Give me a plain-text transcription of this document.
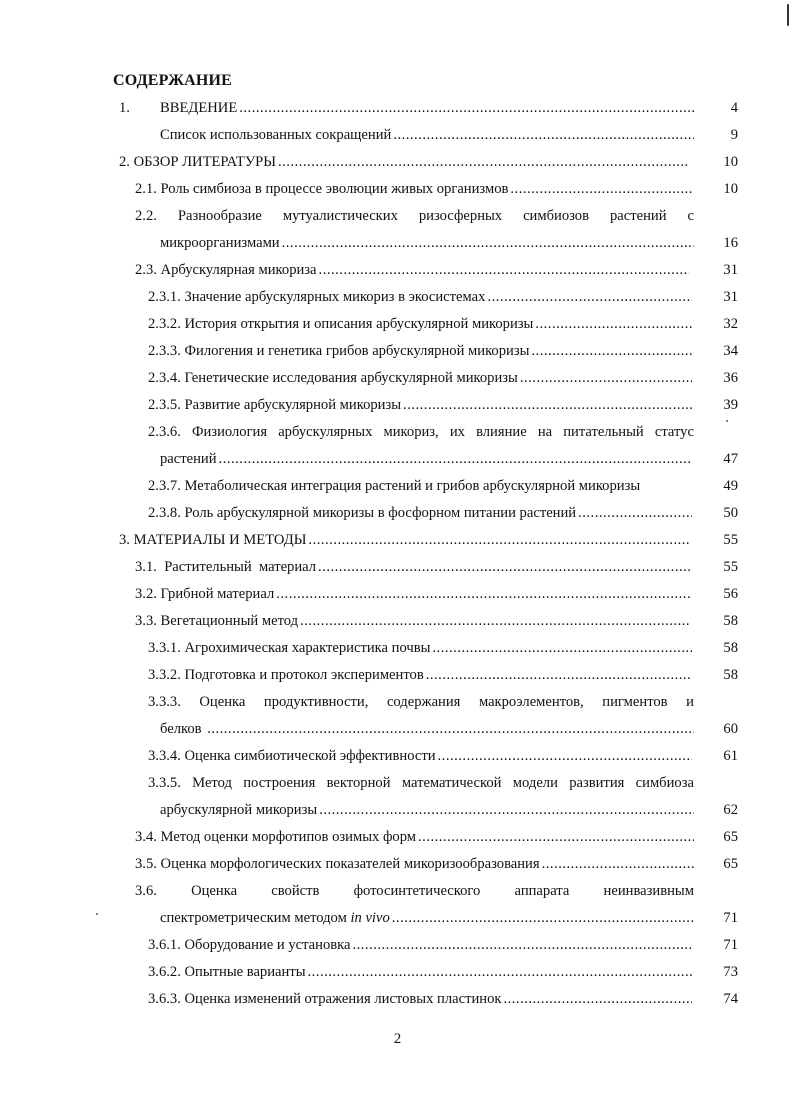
СОДЕРЖАНИЕ
1. ВВЕДЕНИЕ .....	4
Список использованных сокращений .....	9
2. ОБЗОР ЛИТЕРАТУРЫ .....	10
2.1. Роль симбиоза в процессе эволюции живых организмов .....	10
2.2. Разнообразие мутуалистических ризосферных симбиозов растений с
микроорганизмами .....	16
2.3. Арбускулярная микориза .....	31
2.3.1. Значение арбускулярных микориз в экосистемах .....	31
2.3.2. История открытия и описания арбускулярной микоризы .....	32
2.3.3. Филогения и генетика грибов арбускулярной микоризы .....	34
2.3.4. Генетические исследования арбускулярной микоризы .....	36
2.3.5. Развитие арбускулярной микоризы .....	39
2.3.6. Физиология арбускулярных микориз, их влияние на питательный статус
растений .....	47
2.3.7. Метаболическая интеграция растений и грибов арбускулярной микоризы	49
2.3.8. Роль арбускулярной микоризы в фосфорном питании растений .....	50
3. МАТЕРИАЛЫ И МЕТОДЫ .....	55
3.1.  Растительный  материал .....	55
3.2. Грибной материал .....	56
3.3. Вегетационный метод .....	58
3.3.1. Агрохимическая характеристика почвы .....	58
3.3.2. Подготовка и протокол экспериментов .....	58
3.3.3. Оценка продуктивности, содержания макроэлементов, пигментов и
белков .....	60
3.3.4. Оценка симбиотической эффективности .....	61
3.3.5. Метод построения векторной математической модели развития симбиоза
арбускулярной микоризы .....	62
3.4. Метод оценки морфотипов озимых форм .....	65
3.5. Оценка морфологических показателей микоризообразования .....	65
3.6. Оценка свойств фотосинтетического аппарата неинвазивным
спектрометрическим методом in vivo .....	71
3.6.1. Оборудование и установка .....	71
3.6.2. Опытные варианты .....	73
3.6.3. Оценка изменений отражения листовых пластинок .....	74
2
